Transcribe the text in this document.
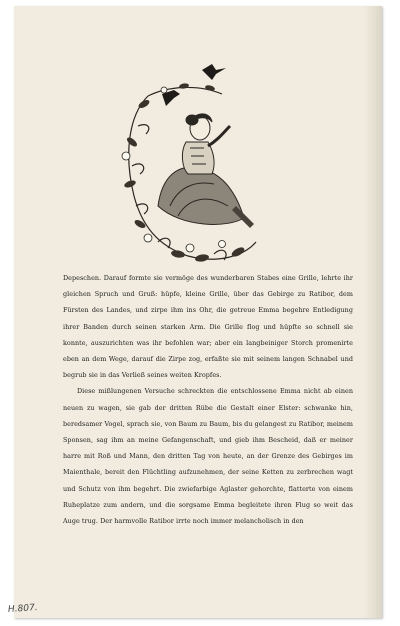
Depeschen. Darauf formte sie vermöge des wunderbaren Stabes eine Grille, lehrte ihr gleichen Spruch und Gruß: hüpfe, kleine Grille, über das Gebirge zu Ratibor, dem Fürsten des Landes, und zirpe ihm ins Ohr, die getreue Emma begehre Entledigung ihrer Banden durch seinen starken Arm. Die Grille flog und hüpfte so schnell sie konnte, auszurichten was ihr befohlen war; aber ein langbeiniger Storch promenirte eben an dem Wege, darauf die Zirpe zog, erfaßte sie mit seinem langen Schnabel und begrub sie in das Verließ seines weiten Kropfes.

Diese mißlungenen Versuche schreckten die entschlossene Emma nicht ab einen neuen zu wagen, sie gab der dritten Rübe die Gestalt einer Elster: schwanke hin, beredsamer Vogel, sprach sie, von Baum zu Baum, bis du gelangest zu Ratibor, meinem Sponsen, sag ihm an meine Gefangenschaft, und gieb ihm Bescheid, daß er meiner harre mit Roß und Mann, den dritten Tag von heute, an der Grenze des Gebirges im Maienthale, bereit den Flüchtling aufzunehmen, der seine Ketten zu zerbrechen wagt und Schutz von ihm begehrt. Die zwiefarbige Aglaster gehorchte, flatterte von einem Ruheplatze zum andern, und die sorgsame Emma begleitete ihren Flug so weit das Auge trug. Der harmvolle Ratibor irrte noch immer melancholisch in den

H.807.
